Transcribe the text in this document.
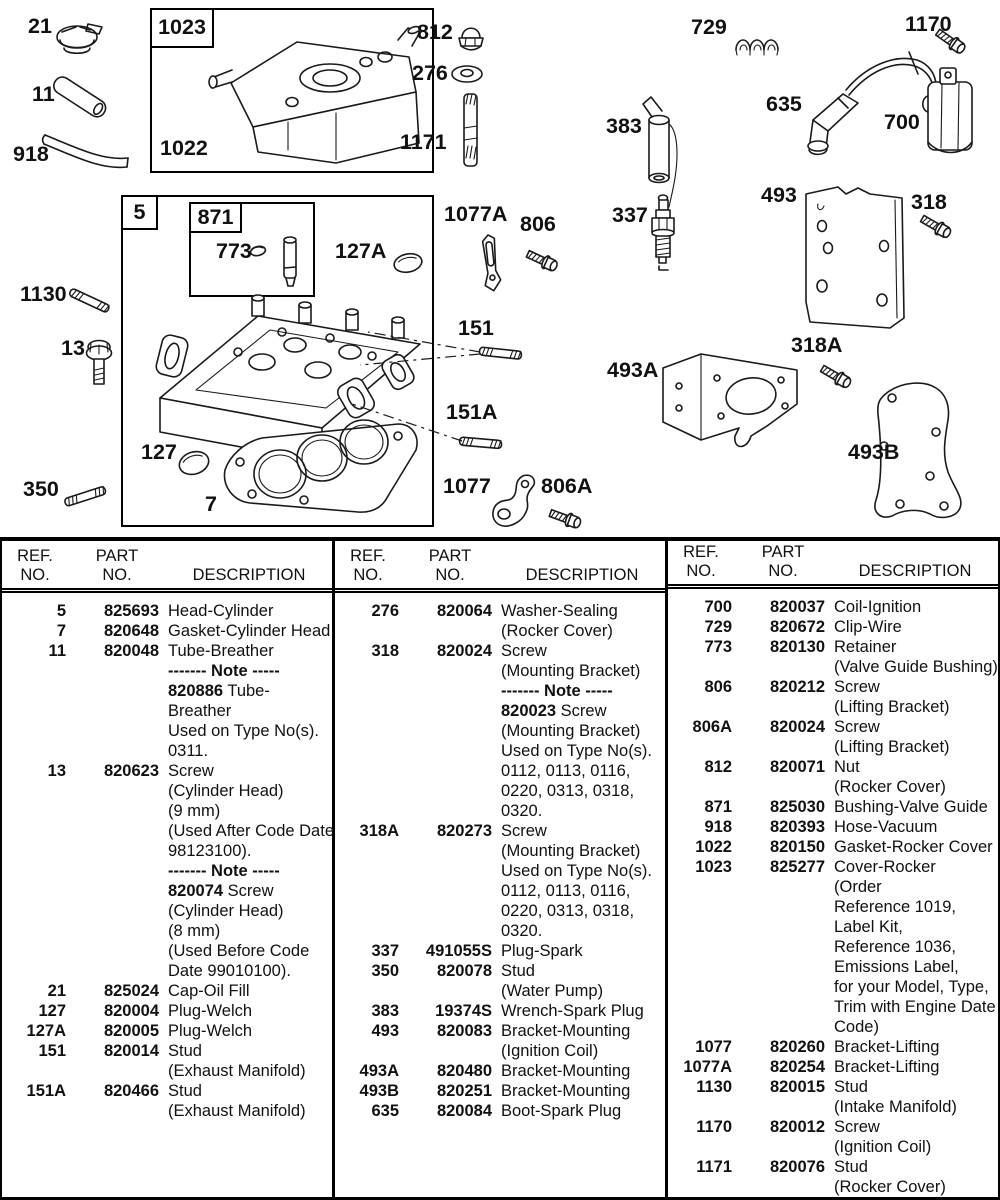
21
11
918
1023
1022
812
276
1171
729	1170
635
700
383
337
493	318
5	871
773	127A
1130
13
151
151A
350
127
7
1077 806A
806
1077A
493A
318A
493B
REF.
NO.
PART
NO.	DESCRIPTION
5	825693 Head-Cylinder
7	820648 Gasket-Cylinder Head
11	820048 Tube-Breather
------- Note -----
820886 Tube-
Breather
Used on Type No(s).
0311.
13	820623 Screw
(Cylinder Head)
(9 mm)
(Used After Code Date
98123100).
------- Note -----
820074 Screw
(Cylinder Head)
(8 mm)
(Used Before Code
Date 99010100).
21	825024 Cap-Oil Fill
127	820004 Plug-Welch
127A	820005 Plug-Welch
151	820014 Stud
(Exhaust Manifold)
151A	820466 Stud
(Exhaust Manifold)
REF.
NO.
PART
NO.	DESCRIPTION
276	820064 Washer-Sealing
(Rocker Cover)
318	820024 Screw
(Mounting Bracket)
------- Note -----
820023 Screw
(Mounting Bracket)
Used on Type No(s).
0112, 0113, 0116,
0220, 0313, 0318,
0320.
318A	820273 Screw
(Mounting Bracket)
Used on Type No(s).
0112, 0113, 0116,
0220, 0313, 0318,
0320.
337	491055S Plug-Spark
350	820078 Stud
(Water Pump)
383	19374S Wrench-Spark Plug
493	820083 Bracket-Mounting
(Ignition Coil)
493A	820480 Bracket-Mounting
493B	820251 Bracket-Mounting
635	820084 Boot-Spark Plug
REF.
NO.
PART
NO.	DESCRIPTION
700	820037 Coil-Ignition
729	820672 Clip-Wire
773	820130 Retainer
(Valve Guide Bushing)
806	820212 Screw
(Lifting Bracket)
806A	820024 Screw
(Lifting Bracket)
812	820071 Nut
(Rocker Cover)
871	825030 Bushing-Valve Guide
918	820393 Hose-Vacuum
1022	820150 Gasket-Rocker Cover
1023	825277 Cover-Rocker
(Order
Reference 1019,
Label Kit,
Reference 1036,
Emissions Label,
for your Model, Type,
Trim with Engine Date
Code)
1077	820260 Bracket-Lifting
1077A	820254 Bracket-Lifting
1130	820015 Stud
(Intake Manifold)
1170	820012 Screw
(Ignition Coil)
1171	820076 Stud
(Rocker Cover)
